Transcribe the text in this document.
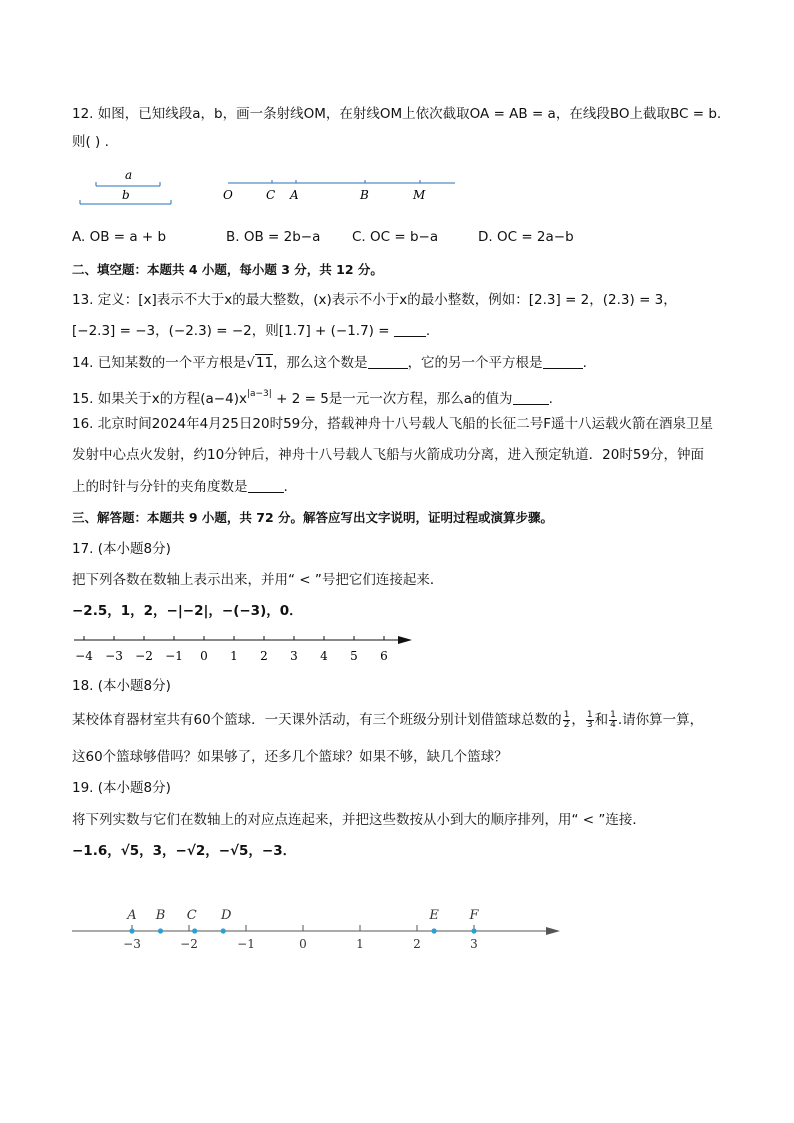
12. 如图，已知线段a，b，画一条射线OM，在射线OM上依次截取OA = AB = a，在线段BO上截取BC = b.
则( ) .
a
b	O	C A	B	M
A. OB = a + b	B. OB = 2b−a C. OC = b−a	D. OC = 2a−b
二、填空题：本题共 4 小题，每小题 3 分，共 12 分。
13. 定义：[x]表示不大于x的最大整数，(x)表示不小于x的最小整数，例如：[2.3] = 2，(2.3) = 3，
[−2.3] = −3，(−2.3) = −2，则[1.7] + (−1.7) = .
14. 已知某数的一个平方根是√11，那么这个数是	，它的另一个平方根是	.
15. 如果关于x的方程$(a-4)x^{|a-3|} + 2 = 5$是一元一次方程，那么a的值为	.
16. 北京时间2024年4月25日20时59分，搭载神舟十八号载人飞船的长征二号F遥十八运载火箭在酒泉卫星
发射中心点火发射，约10分钟后，神舟十八号载人飞船与火箭成功分离，进入预定轨道．20时59分，钟面
上的时针与分针的夹角度数是	.
三、解答题：本题共 9 小题，共 72 分。解答应写出文字说明，证明过程或演算步骤。
17. (本小题8分)
把下列各数在数轴上表示出来，并用“ < ”号把它们连接起来．
−2.5，1，2，−|−2|，−(−3)，0．
−4 −3 −2 −1 0 1 2 3 4 5 6
18. (本小题8分)
某校体育器材室共有60个篮球．一天课外活动，有三个班级分别计划借篮球总数的 $\frac{1}{2}$ ， $\frac{1}{3}$ 和 $\frac{1}{4}$ .请你算一算，
这60个篮球够借吗？如果够了，还多几个篮球？如果不够，缺几个篮球？
19. (本小题8分)
将下列实数与它们在数轴上的对应点连起来，并把这些数按从小到大的顺序排列，用“ < ”连接．
−1.6，√5，3，−√2，−√5，−3．
−3	−2	−1	0	1	2	3
A B C D	E F
